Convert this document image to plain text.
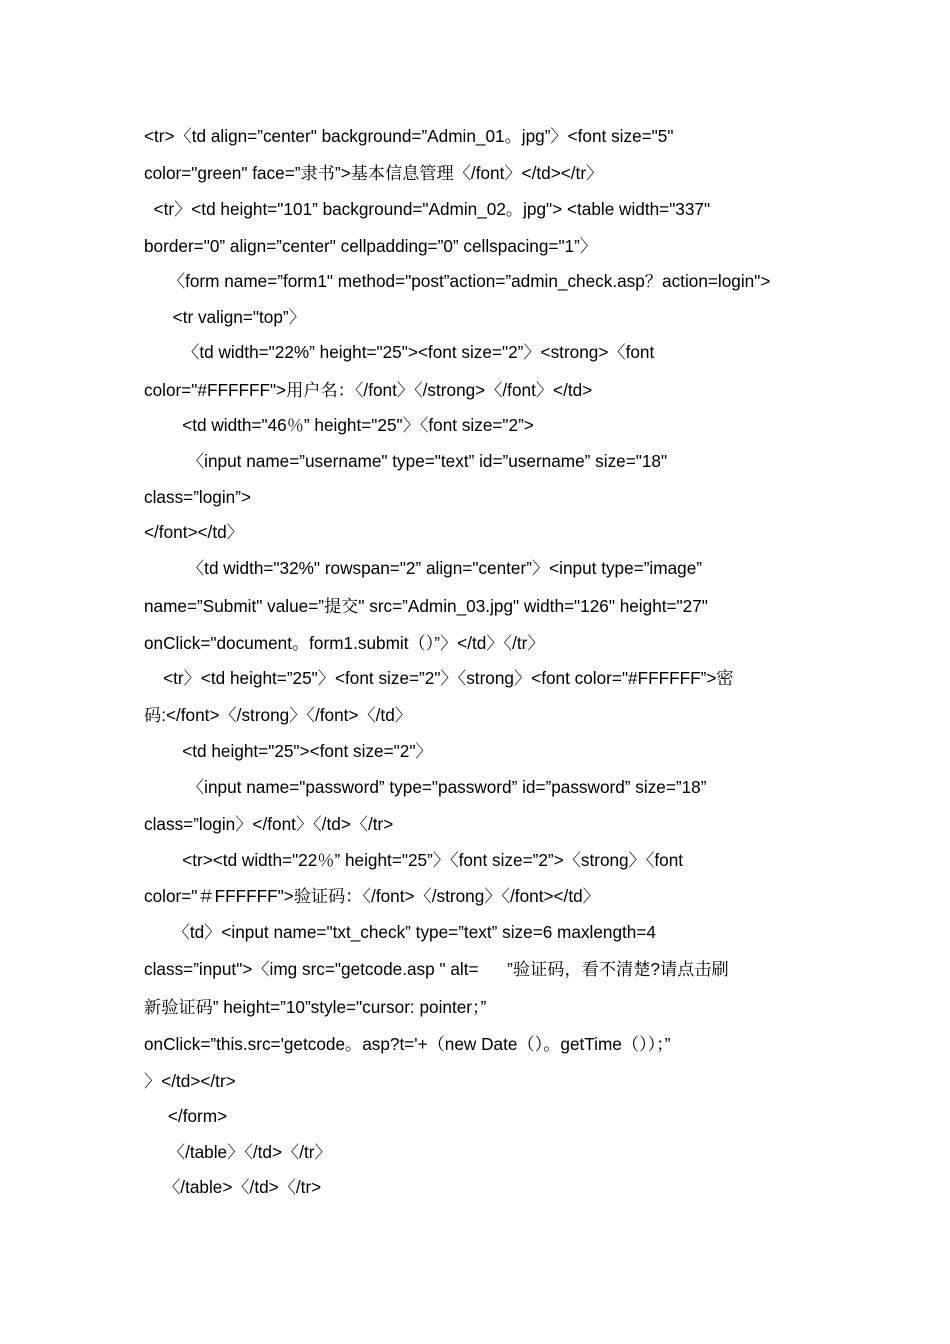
<tr>〈td align=”center" background=”Admin_01。jpg”〉<font size="5"
color="green" face=”隶书”>基本信息管理〈/font〉</td></tr〉
<tr〉<td height="101” background="Admin_02。jpg"> <table width="337"
border="0” align=”center" cellpadding=”0” cellspacing="1”〉
〈form name=”form1" method="post”action=”admin_check.asp？action=login">
<tr valign="top”〉
〈td width="22%” height="25"><font size="2”〉<strong>〈font
color="#FFFFFF">用户名：〈/font〉〈/strong>〈/font〉</td>
<td width="46％” height="25"〉〈font size="2”>
〈input name=”username" type="text” id=”username” size="18"
class=”login”>
</font></td〉
〈td width="32%" rowspan="2” align="center”〉<input type=”image”
name=”Submit" value=”提交" src=”Admin_03.jpg" width="126" height="27"
onClick="document。form1.submit（）”〉</td〉〈/tr〉
<tr〉<td height=”25"〉<font size=”2"〉〈strong〉<font color="#FFFFFF”>密
码:</font>〈/strong〉〈/font>〈/td〉
<td height="25"><font size="2"〉
〈input name="password” type="password” id=”password” size=”18”
class=”login〉</font〉〈/td>〈/tr>
<tr><td width="22％” height="25”〉〈font size=”2”>〈strong〉〈font
color="＃FFFFFF">验证码：〈/font>〈/strong〉〈/font></td〉
〈td〉<input name="txt_check” type=”text” size=6 maxlength=4
class=”input">〈img src="getcode.asp " alt=      ”验证码，看不清楚?请点击刷
新验证码” height=”10”style="cursor: pointer；”
onClick=”this.src='getcode。asp?t='+（new Date（）。getTime（））；”
〉</td></tr>
</form>
〈/table〉〈/td>〈/tr〉
〈/table>〈/td>〈/tr>
